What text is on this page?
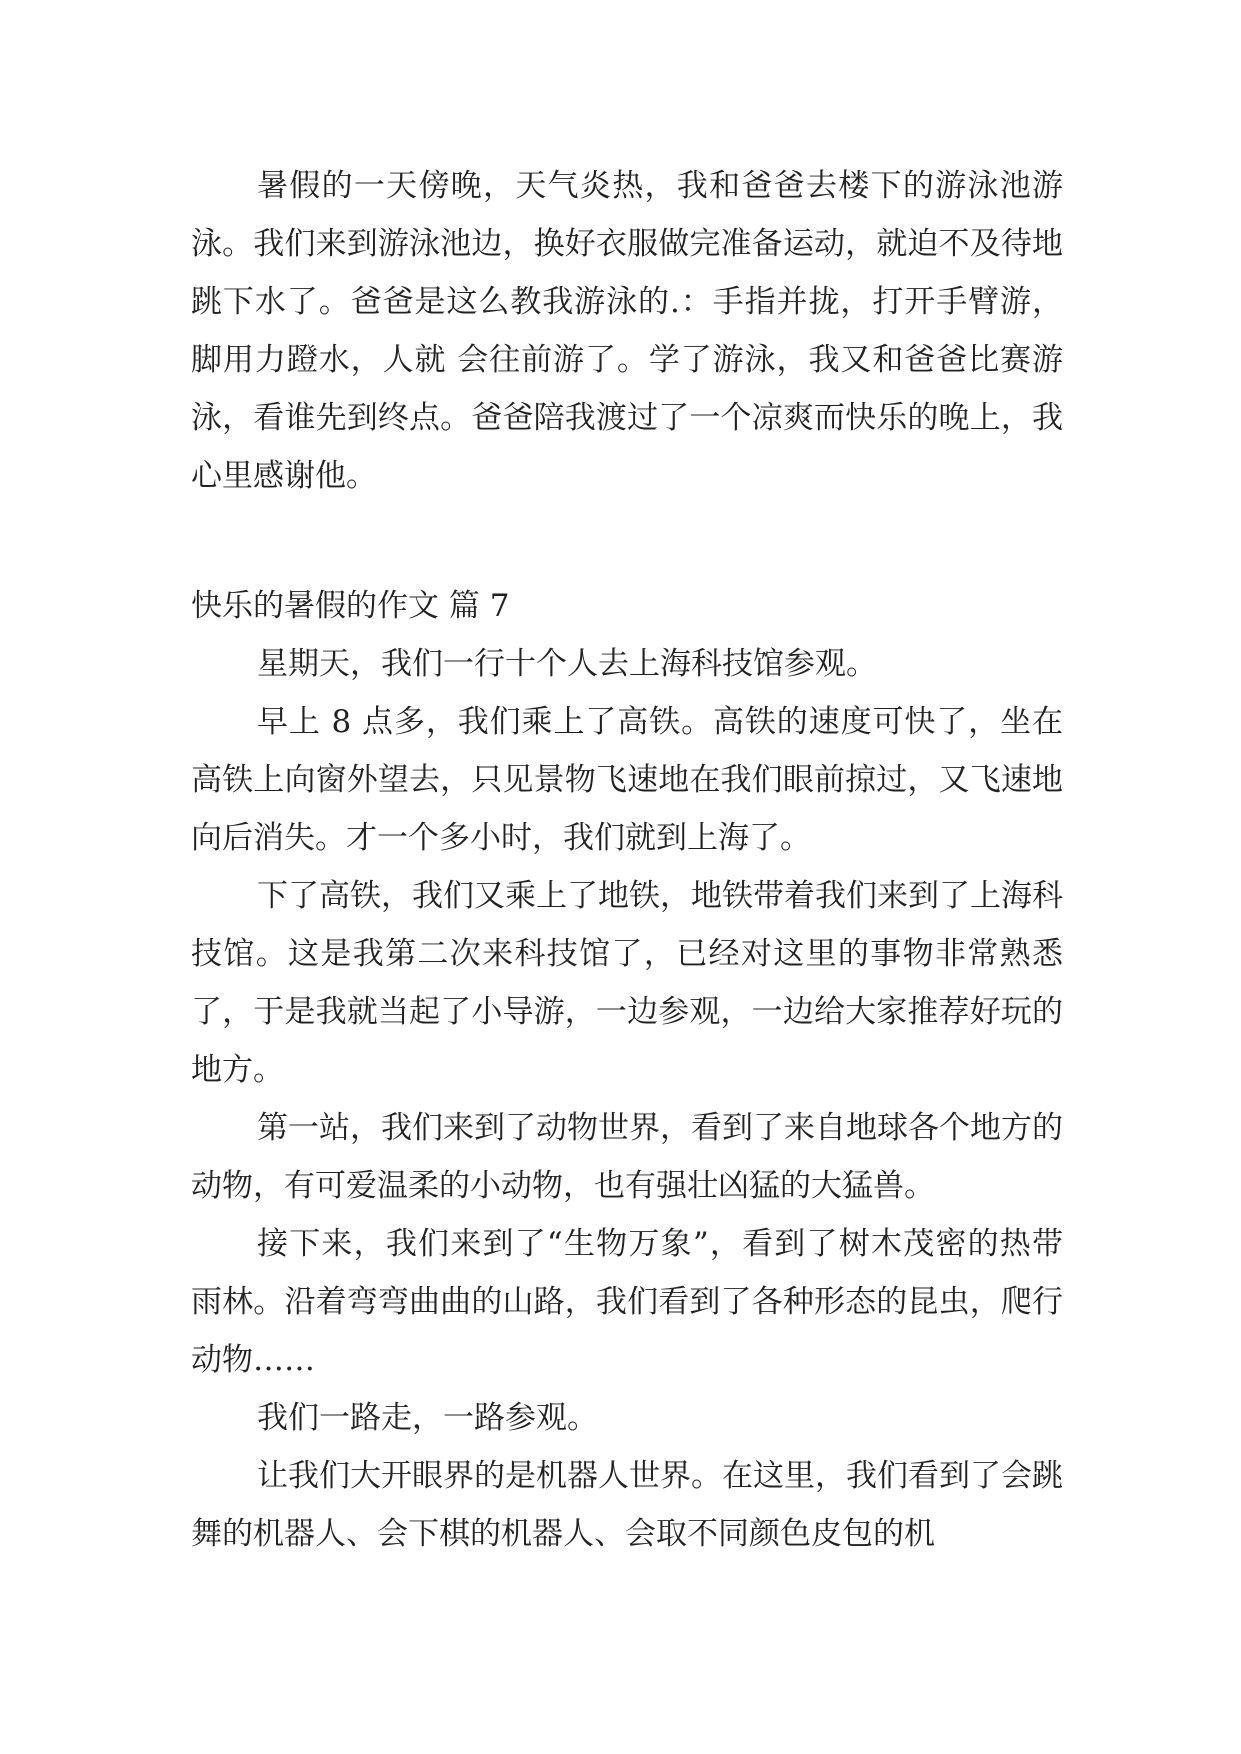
暑假的一天傍晚，天气炎热，我和爸爸去楼下的游泳池游泳。我们来到游泳池边，换好衣服做完准备运动，就迫不及待地跳下水了。爸爸是这么教我游泳的.：手指并拢，打开手臂游，脚用力蹬水，人就 会往前游了。学了游泳，我又和爸爸比赛游泳，看谁先到终点。爸爸陪我渡过了一个凉爽而快乐的晚上，我心里感谢他。

快乐的暑假的作文 篇 7

星期天，我们一行十个人去上海科技馆参观。

早上 8 点多，我们乘上了高铁。高铁的速度可快了，坐在高铁上向窗外望去，只见景物飞速地在我们眼前掠过，又飞速地向后消失。才一个多小时，我们就到上海了。

下了高铁，我们又乘上了地铁，地铁带着我们来到了上海科技馆。这是我第二次来科技馆了，已经对这里的事物非常熟悉了，于是我就当起了小导游，一边参观，一边给大家推荐好玩的地方。

第一站，我们来到了动物世界，看到了来自地球各个地方的动物，有可爱温柔的小动物，也有强壮凶猛的大猛兽。

接下来，我们来到了“生物万象”，看到了树木茂密的热带雨林。沿着弯弯曲曲的山路，我们看到了各种形态的昆虫，爬行动物……

我们一路走，一路参观。

让我们大开眼界的是机器人世界。在这里，我们看到了会跳舞的机器人、会下棋的机器人、会取不同颜色皮包的机
